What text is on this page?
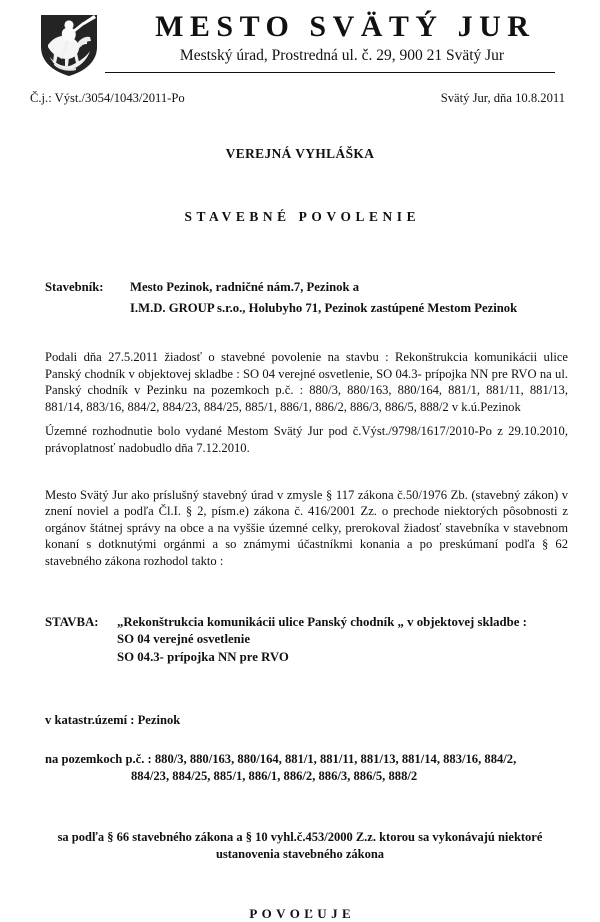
MESTO SVÄTÝ JUR
Mestský úrad, Prostredná ul. č. 29, 900 21 Svätý Jur
Č.j.: Výst./3054/1043/2011-Po	Svätý Jur, dňa 10.8.2011
VEREJNÁ VYHLÁŠKA
STAVEBNÉ POVOLENIE
Stavebník:	Mesto Pezinok, radničné nám.7, Pezinok a
I.M.D. GROUP s.r.o., Holubyho 71, Pezinok zastúpené Mestom Pezinok

Podali dňa 27.5.2011 žiadosť o stavebné povolenie na stavbu : Rekonštrukcia komunikácii ulice Panský chodník v objektovej skladbe : SO 04 verejné osvetlenie, SO 04.3- prípojka NN pre RVO na ul. Panský chodník v Pezinku na pozemkoch p.č. : 880/3, 880/163, 880/164, 881/1, 881/11, 881/13, 881/14, 883/16, 884/2, 884/23, 884/25, 885/1, 886/1, 886/2, 886/3, 886/5, 888/2 v k.ú.Pezinok

Územné rozhodnutie bolo vydané Mestom Svätý Jur pod č.Výst./9798/1617/2010-Po z 29.10.2010, právoplatnosť nadobudlo dňa 7.12.2010.

Mesto Svätý Jur ako príslušný stavebný úrad v zmysle § 117 zákona č.50/1976 Zb. (stavebný zákon) v znení noviel a podľa Čl.I. § 2, písm.e) zákona č. 416/2001 Zz. o prechode niektorých pôsobnosti z orgánov štátnej správy na obce a na vyššie územné celky, prerokoval žiadosť stavebníka v stavebnom konaní s dotknutými orgánmi a so známymi účastníkmi konania a po preskúmaní podľa § 62 stavebného zákona rozhodol takto :

STAVBA:	„Rekonštrukcia komunikácii ulice Panský chodník „ v objektovej skladbe :
SO 04 verejné osvetlenie
SO 04.3- prípojka NN pre RVO
v katastr.území : Pezinok
na pozemkoch p.č. : 880/3, 880/163, 880/164, 881/1, 881/11, 881/13, 881/14, 883/16, 884/2,
884/23, 884/25, 885/1, 886/1, 886/2, 886/3, 886/5, 888/2
sa podľa § 66 stavebného zákona a § 10 vyhl.č.453/2000 Z.z. ktorou sa vykonávajú niektoré
ustanovenia stavebného zákona
POVOĽUJE
